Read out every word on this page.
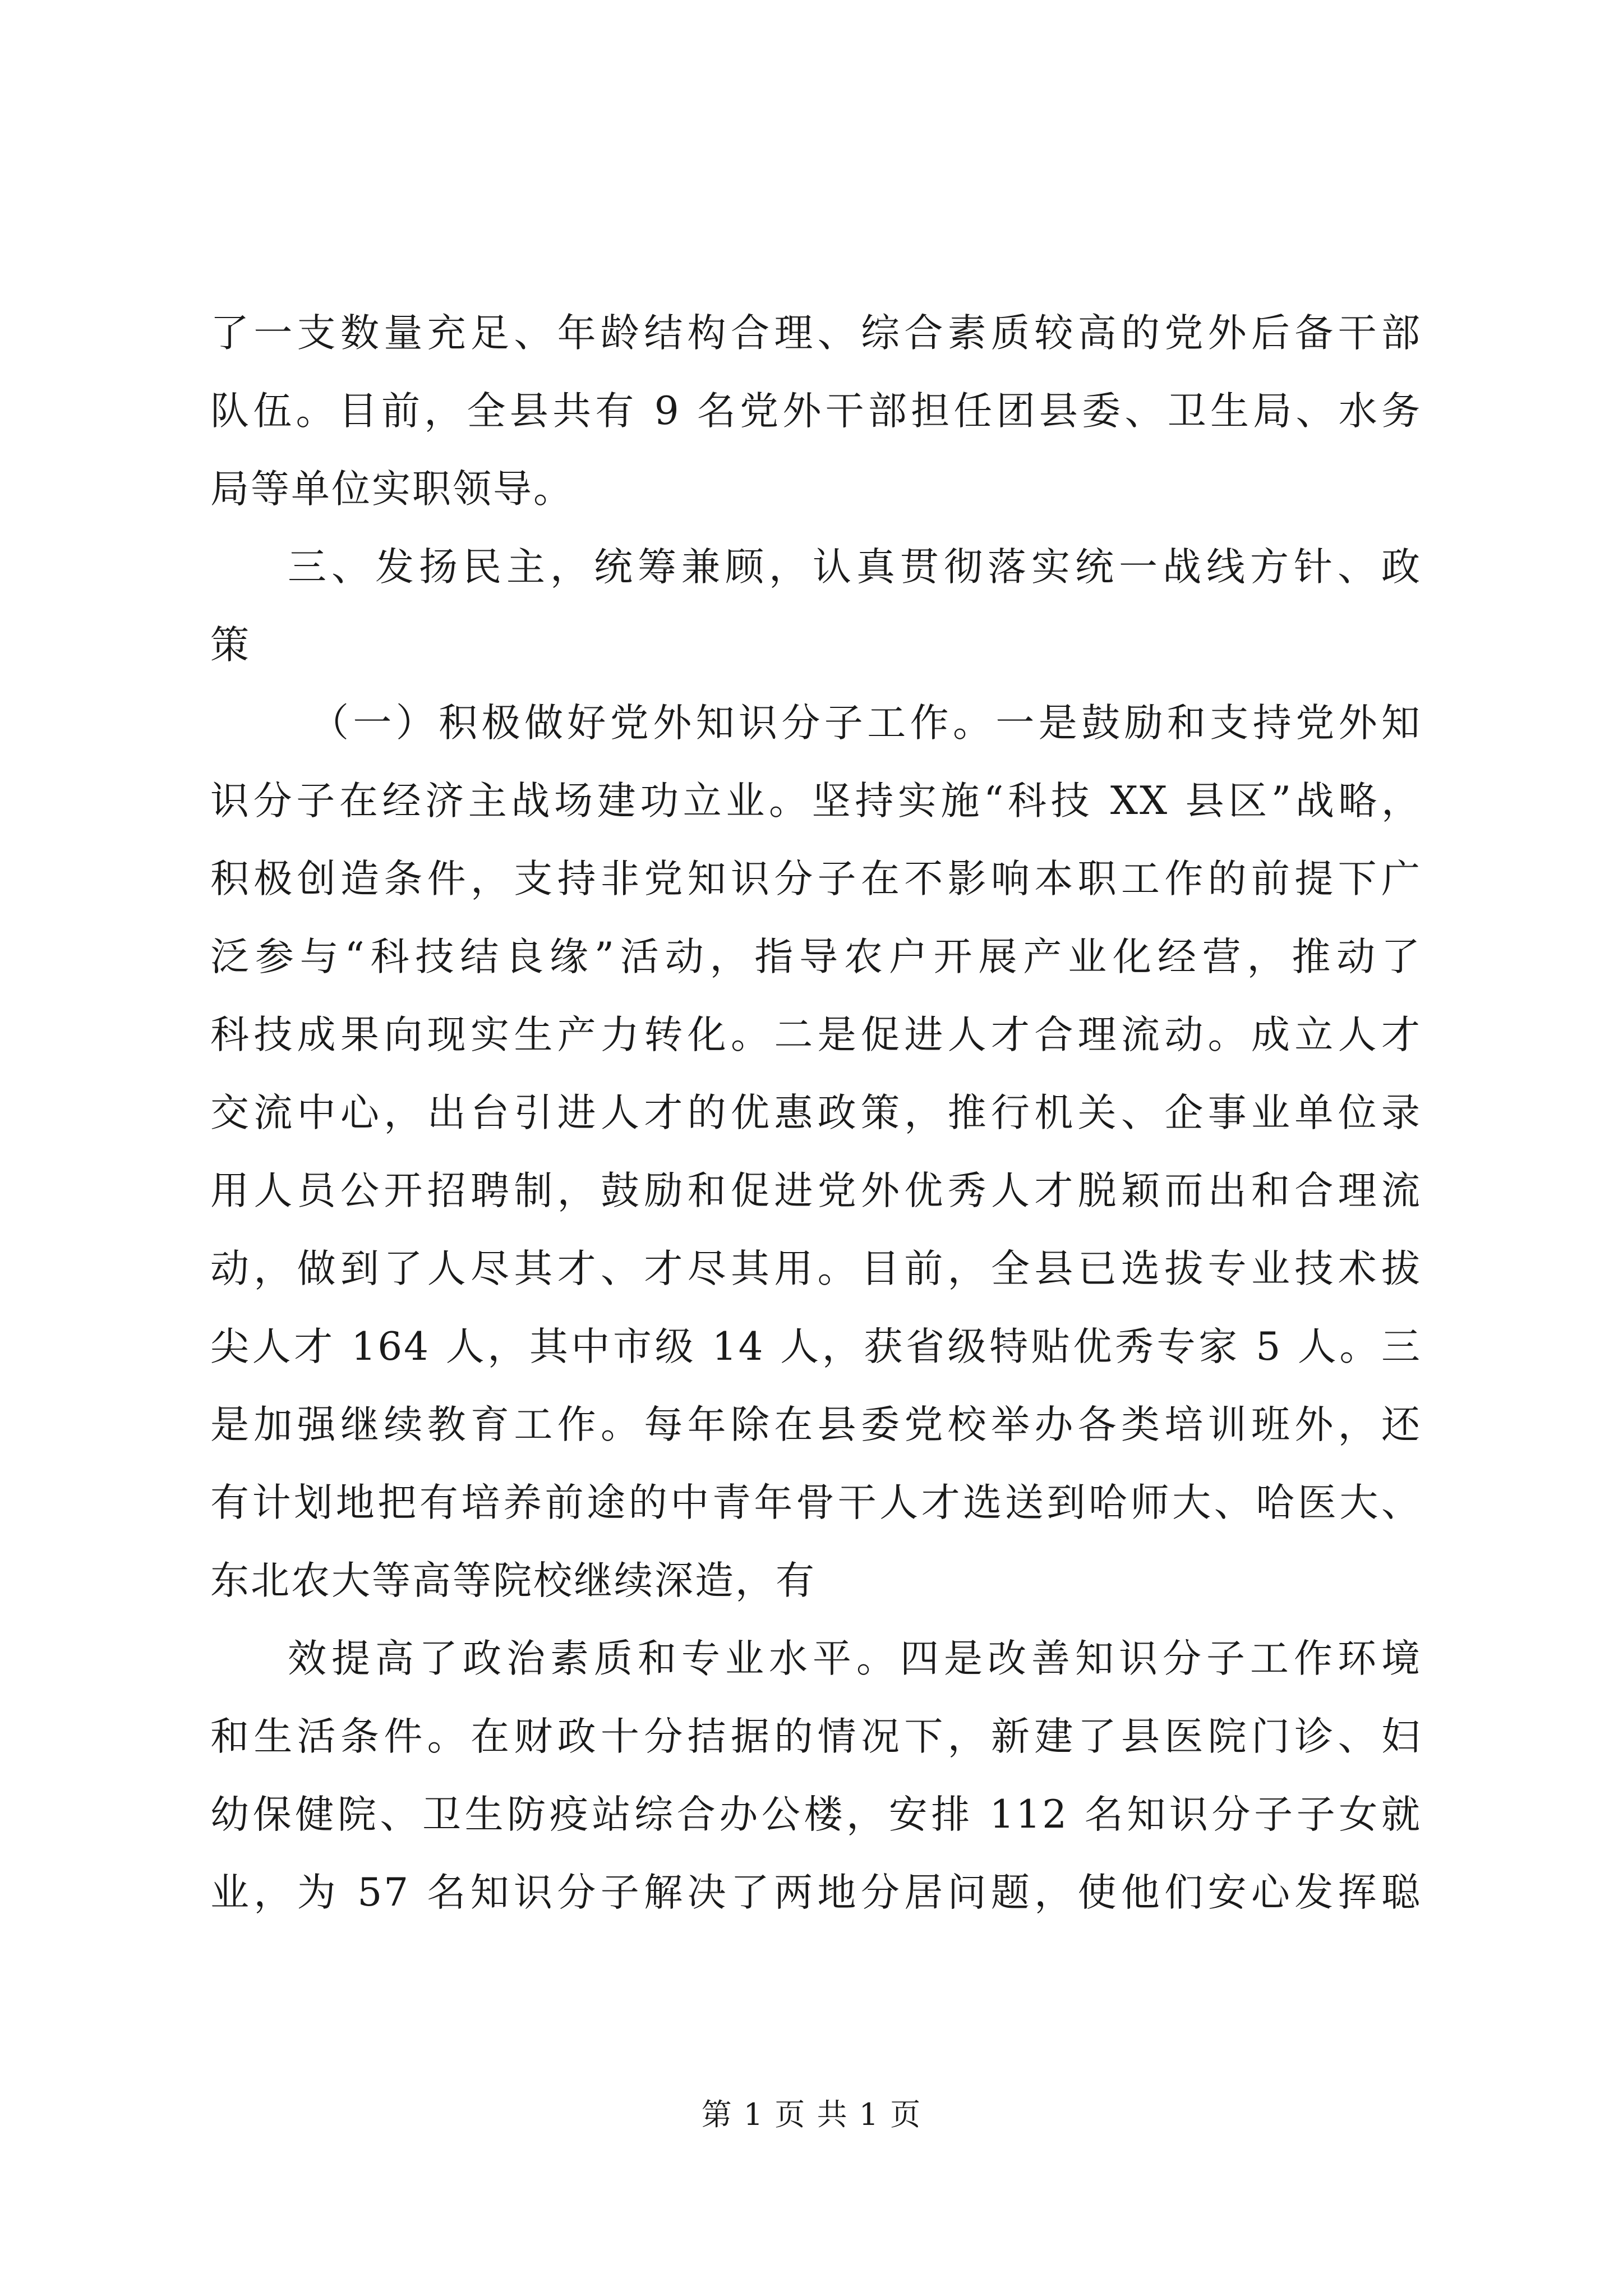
了一支数量充足、年龄结构合理、综合素质较高的党外后备干部
队伍。目前，全县共有 9 名党外干部担任团县委、卫生局、水务
局等单位实职领导。
三、发扬民主，统筹兼顾，认真贯彻落实统一战线方针、政
策
（一）积极做好党外知识分子工作。一是鼓励和支持党外知
识分子在经济主战场建功立业。坚持实施“科技 XX 县区”战略，
积极创造条件，支持非党知识分子在不影响本职工作的前提下广
泛参与“科技结良缘”活动，指导农户开展产业化经营，推动了
科技成果向现实生产力转化。二是促进人才合理流动。成立人才
交流中心，出台引进人才的优惠政策，推行机关、企事业单位录
用人员公开招聘制，鼓励和促进党外优秀人才脱颖而出和合理流
动，做到了人尽其才、才尽其用。目前，全县已选拔专业技术拔
尖人才 164 人，其中市级 14 人，获省级特贴优秀专家 5 人。三
是加强继续教育工作。每年除在县委党校举办各类培训班外，还
有计划地把有培养前途的中青年骨干人才选送到哈师大、哈医大、
东北农大等高等院校继续深造，有
效提高了政治素质和专业水平。四是改善知识分子工作环境
和生活条件。在财政十分拮据的情况下，新建了县医院门诊、妇
幼保健院、卫生防疫站综合办公楼，安排 112 名知识分子子女就
业，为 57 名知识分子解决了两地分居问题，使他们安心发挥聪
第 1 页 共 1 页
